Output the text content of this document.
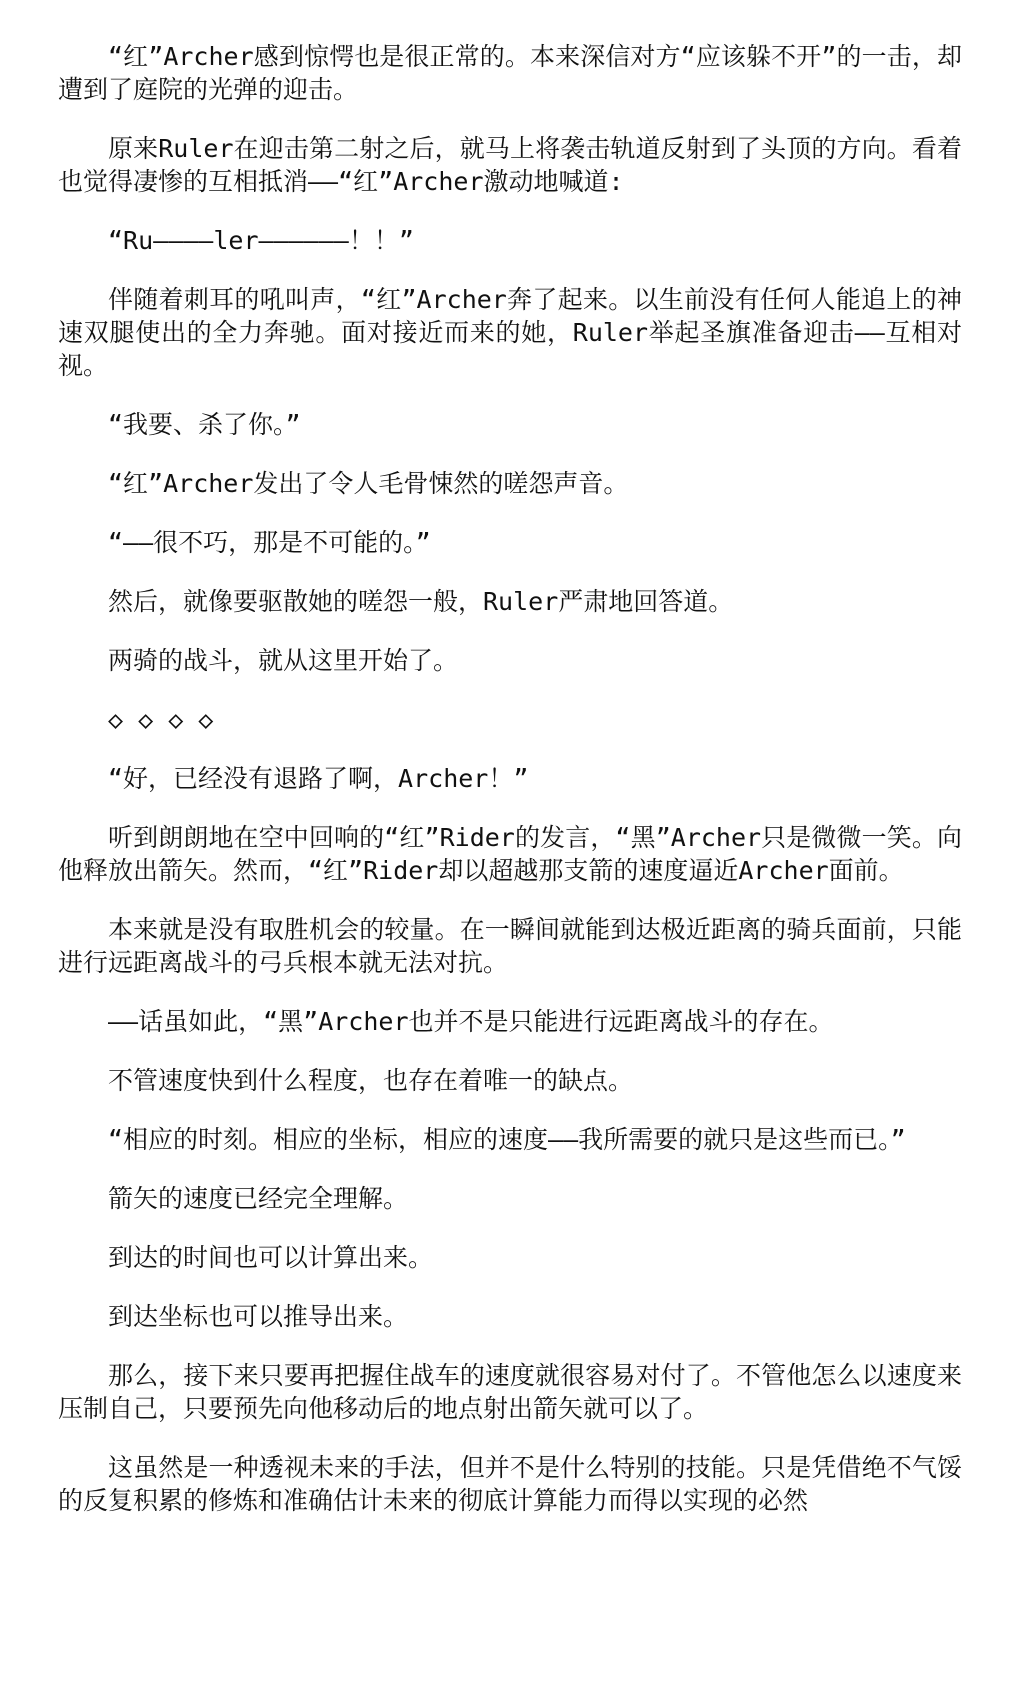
“红”Archer感到惊愕也是很正常的。本来深信对方“应该躲不开”的一击，却遭到了庭院的光弹的迎击。

原来Ruler在迎击第二射之后，就马上将袭击轨道反射到了头顶的方向。看着也觉得凄惨的互相抵消——“红”Archer激动地喊道:

“Ru————ler——————！！”

伴随着刺耳的吼叫声，“红”Archer奔了起来。以生前没有任何人能追上的神速双腿使出的全力奔驰。面对接近而来的她，Ruler举起圣旗准备迎击——互相对视。

“我要、杀了你。”

“红”Archer发出了令人毛骨悚然的嗟怨声音。

“——很不巧，那是不可能的。”

然后，就像要驱散她的嗟怨一般，Ruler严肃地回答道。

两骑的战斗，就从这里开始了。

◇ ◇ ◇ ◇

“好，已经没有退路了啊，Archer！”

听到朗朗地在空中回响的“红”Rider的发言，“黑”Archer只是微微一笑。向他释放出箭矢。然而，“红”Rider却以超越那支箭的速度逼近Archer面前。

本来就是没有取胜机会的较量。在一瞬间就能到达极近距离的骑兵面前，只能进行远距离战斗的弓兵根本就无法对抗。

——话虽如此，“黑”Archer也并不是只能进行远距离战斗的存在。

不管速度快到什么程度，也存在着唯一的缺点。

“相应的时刻。相应的坐标，相应的速度——我所需要的就只是这些而已。”

箭矢的速度已经完全理解。

到达的时间也可以计算出来。

到达坐标也可以推导出来。

那么，接下来只要再把握住战车的速度就很容易对付了。不管他怎么以速度来压制自己，只要预先向他移动后的地点射出箭矢就可以了。

这虽然是一种透视未来的手法，但并不是什么特别的技能。只是凭借绝不气馁的反复积累的修炼和准确估计未来的彻底计算能力而得以实现的必然
